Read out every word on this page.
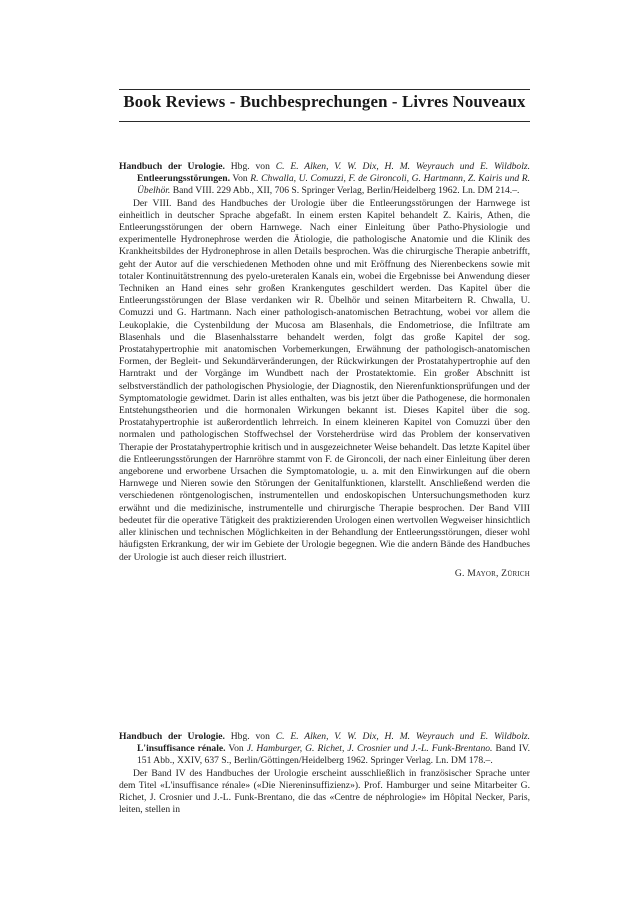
Book Reviews - Buchbesprechungen - Livres Nouveaux

Handbuch der Urologie. Hbg. von C. E. Alken, V. W. Dix, H. M. Weyrauch und E. Wildbolz. Entleerungsstörungen. Von R. Chwalla, U. Comuzzi, F. de Gironcoli, G. Hartmann, Z. Kairis und R. Übelhör. Band VIII. 229 Abb., XII, 706 S. Springer Verlag, Berlin/Heidelberg 1962. Ln. DM 214.–.

Der VIII. Band des Handbuches der Urologie über die Entleerungsstörungen der Harnwege ist einheitlich in deutscher Sprache abgefaßt. In einem ersten Kapitel behandelt Z. Kairis, Athen, die Entleerungsstörungen der obern Harnwege. Nach einer Einleitung über Patho-Physiologie und experimentelle Hydronephrose werden die Ätiologie, die pathologische Anatomie und die Klinik des Krankheitsbildes der Hydronephrose in allen Details besprochen. Was die chirurgische Therapie anbetrifft, geht der Autor auf die verschiedenen Methoden ohne und mit Eröffnung des Nierenbeckens sowie mit totaler Kontinuitätstrennung des pyelo-ureteralen Kanals ein, wobei die Ergebnisse bei Anwendung dieser Techniken an Hand eines sehr großen Krankengutes geschildert werden. Das Kapitel über die Entleerungsstörungen der Blase verdanken wir R. Übelhör und seinen Mitarbeitern R. Chwalla, U. Comuzzi und G. Hartmann. Nach einer pathologisch-anatomischen Betrachtung, wobei vor allem die Leukoplakie, die Cystenbildung der Mucosa am Blasenhals, die Endometriose, die Infiltrate am Blasenhals und die Blasenhalsstarre behandelt werden, folgt das große Kapitel der sog. Prostatahypertrophie mit anatomischen Vorbemerkungen, Erwähnung der pathologisch-anatomischen Formen, der Begleit- und Sekundärveränderungen, der Rückwirkungen der Prostatahypertrophie auf den Harntrakt und der Vorgänge im Wundbett nach der Prostatektomie. Ein großer Abschnitt ist selbstverständlich der pathologischen Physiologie, der Diagnostik, den Nierenfunktionsprüfungen und der Symptomatologie gewidmet. Darin ist alles enthalten, was bis jetzt über die Pathogenese, die hormonalen Entstehungstheorien und die hormonalen Wirkungen bekannt ist. Dieses Kapitel über die sog. Prostatahypertrophie ist außerordentlich lehrreich. In einem kleineren Kapitel von Comuzzi über den normalen und pathologischen Stoffwechsel der Vorsteherdrüse wird das Problem der konservativen Therapie der Prostatahypertrophie kritisch und in ausgezeichneter Weise behandelt. Das letzte Kapitel über die Entleerungsstörungen der Harnröhre stammt von F. de Gironcoli, der nach einer Einleitung über deren angeborene und erworbene Ursachen die Symptomatologie, u. a. mit den Einwirkungen auf die obern Harnwege und Nieren sowie den Störungen der Genitalfunktionen, klarstellt. Anschließend werden die verschiedenen röntgenologischen, instrumentellen und endoskopischen Untersuchungsmethoden kurz erwähnt und die medizinische, instrumentelle und chirurgische Therapie besprochen. Der Band VIII bedeutet für die operative Tätigkeit des praktizierenden Urologen einen wertvollen Wegweiser hinsichtlich aller klinischen und technischen Möglichkeiten in der Behandlung der Entleerungsstörungen, dieser wohl häufigsten Erkrankung, der wir im Gebiete der Urologie begegnen. Wie die andern Bände des Handbuches der Urologie ist auch dieser reich illustriert.

G. Mayor, Zürich

Handbuch der Urologie. Hbg. von C. E. Alken, V. W. Dix, H. M. Weyrauch und E. Wildbolz. L'insuffisance rénale. Von J. Hamburger, G. Richet, J. Crosnier und J.-L. Funk-Brentano. Band IV. 151 Abb., XXIV, 637 S., Berlin/Göttingen/Heidelberg 1962. Springer Verlag. Ln. DM 178.–.

Der Band IV des Handbuches der Urologie erscheint ausschließlich in französischer Sprache unter dem Titel «L'insuffisance rénale» («Die Niereninsuffizienz»). Prof. Hamburger und seine Mitarbeiter G. Richet, J. Crosnier und J.-L. Funk-Brentano, die das «Centre de néphrologie» im Hôpital Necker, Paris, leiten, stellen in
